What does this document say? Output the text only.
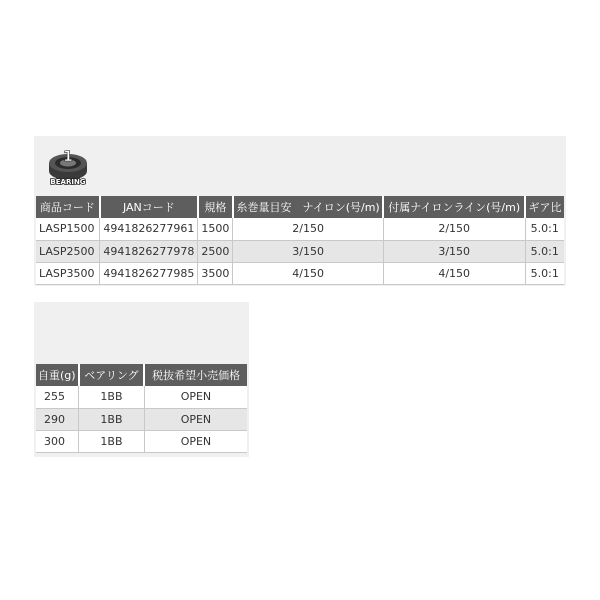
1
BEARING
商品コード	JANコード	規格	糸巻量目安　ナイロン(号/m)	付属ナイロンライン(号/m)	ギア比
LASP1500	4941826277961	1500	2/150	2/150	5.0:1
LASP2500	4941826277978	2500	3/150	3/150	5.0:1
LASP3500	4941826277985	3500	4/150	4/150	5.0:1
自重(g)	ベアリング	税抜希望小売価格
255	1BB	OPEN
290	1BB	OPEN
300	1BB	OPEN
